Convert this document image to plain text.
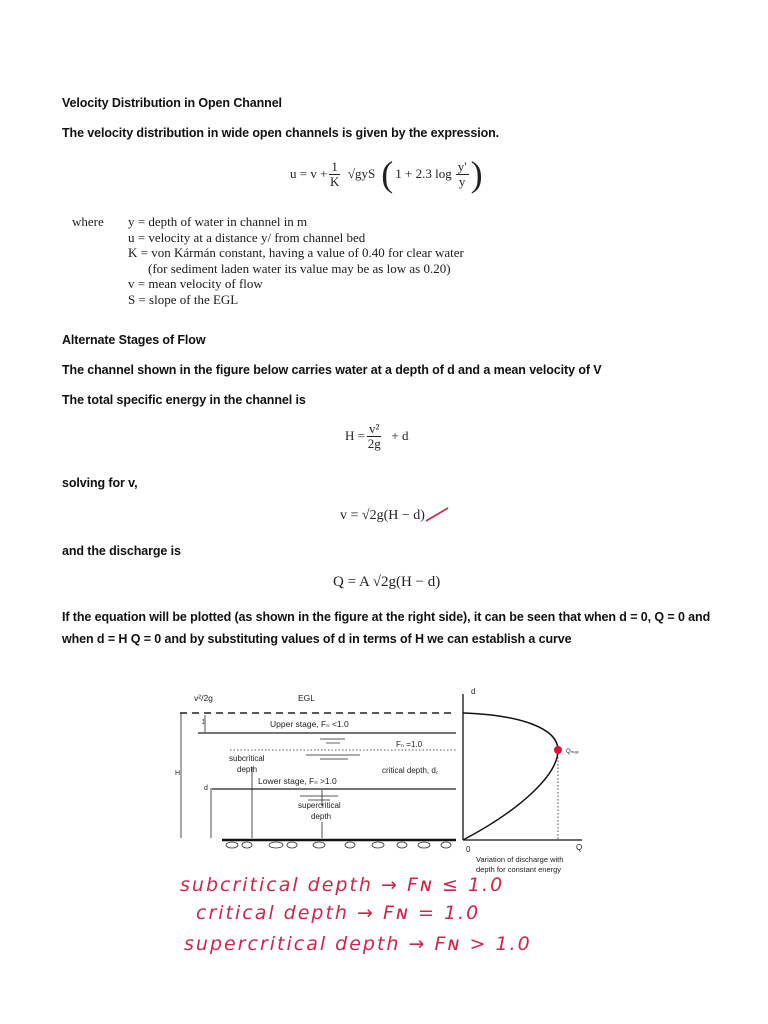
Velocity Distribution in Open Channel
The velocity distribution in wide open channels is given by the expression.
$u = v + \frac{1}{K} √gyS$ ( 1 + 2.3 $\log \frac{y'}{y}$ )
where y = depth of water in channel in m
u = velocity at a distance y/ from channel bed
K = von Kármán constant, having a value of 0.40 for clear water
(for sediment laden water its value may be as low as 0.20)
v = mean velocity of flow
S = slope of the EGL
Alternate Stages of Flow
The channel shown in the figure below carries water at a depth of d and a mean velocity of V
The total specific energy in the channel is
$H = \frac{\text{v²}}{2g} + d$
solving for v,
v = √2g(H − d)
and the discharge is
Q = A √2g(H − d)
If the equation will be plotted (as shown in the figure at the right side), it can be seen that when d = 0, Q = 0 and
when d = H Q = 0 and by substituting values of d in terms of H we can establish a curve
v²/2g	EGL
H
↕
d
Upper stage, Fₙ <1.0
Fₙ =1.0
subcritical
depth	critical depth, d꜀
Lower stage, Fₙ >1.0
supercritical
depth
d
Q
0
Qₘₐₓ
Variation of discharge with
depth for constant energy
subcritical depth → Fɴ ≤ 1.0
critical depth → Fɴ = 1.0
supercritical depth → Fɴ > 1.0
